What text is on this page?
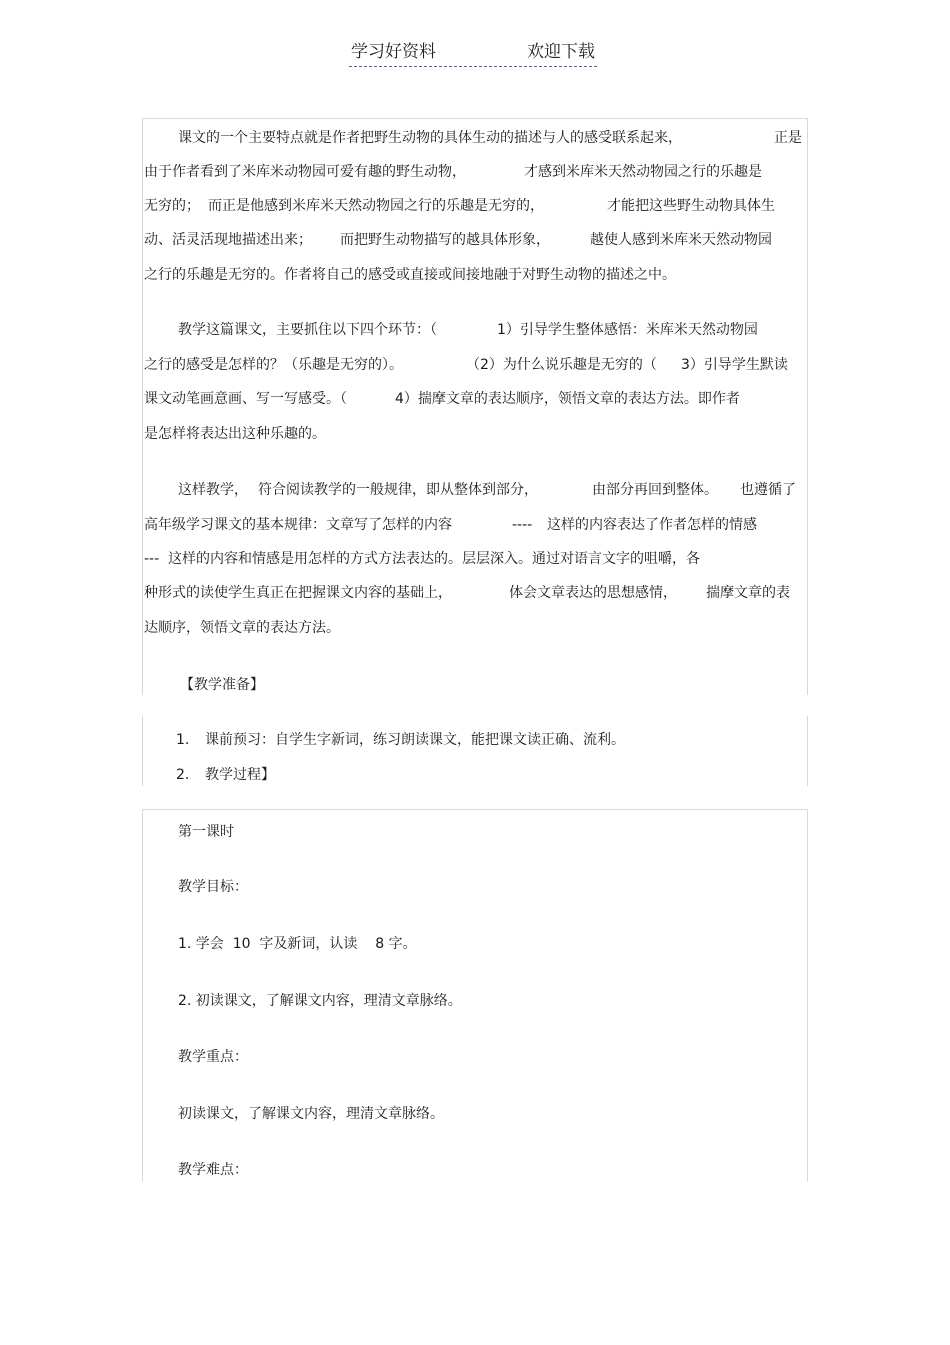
学习好资料	欢迎下载
课文的一个主要特点就是作者把野生动物的具体生动的描述与人的感受联系起来，	正是
由于作者看到了米库米动物园可爱有趣的野生动物，	才感到米库米天然动物园之行的乐趣是
无穷的； 而正是他感到米库米天然动物园之行的乐趣是无穷的，	才能把这些野生动物具体生
动、活灵活现地描述出来； 而把野生动物描写的越具体形象，	越使人感到米库米天然动物园
之行的乐趣是无穷的。作者将自己的感受或直接或间接地融于对野生动物的描述之中。
教学这篇课文，主要抓住以下四个环节：（	1）引导学生整体感悟：米库米天然动物园
之行的感受是怎样的？（乐趣是无穷的）。	（2）为什么说乐趣是无穷的（ 3）引导学生默读
课文动笔画意画、写一写感受。（	4）揣摩文章的表达顺序，领悟文章的表达方法。即作者
是怎样将表达出这种乐趣的。
这样教学， 符合阅读教学的一般规律，即从整体到部分，	由部分再回到整体。 也遵循了
高年级学习课文的基本规律：文章写了怎样的内容	---- 这样的内容表达了作者怎样的情感
--- 这样的内容和情感是用怎样的方式方法表达的。层层深入。通过对语言文字的咀嚼，各
种形式的读使学生真正在把握课文内容的基础上，	体会文章表达的思想感情， 揣摩文章的表
达顺序，领悟文章的表达方法。
【教学准备】
1. 课前预习：自学生字新词，练习朗读课文，能把课文读正确、流利。
2. 教学过程】
第一课时
教学目标：
1. 学会  10  字及新词，认读    8 字。
2. 初读课文，了解课文内容，理清文章脉络。
教学重点：
初读课文，了解课文内容，理清文章脉络。
教学难点：
